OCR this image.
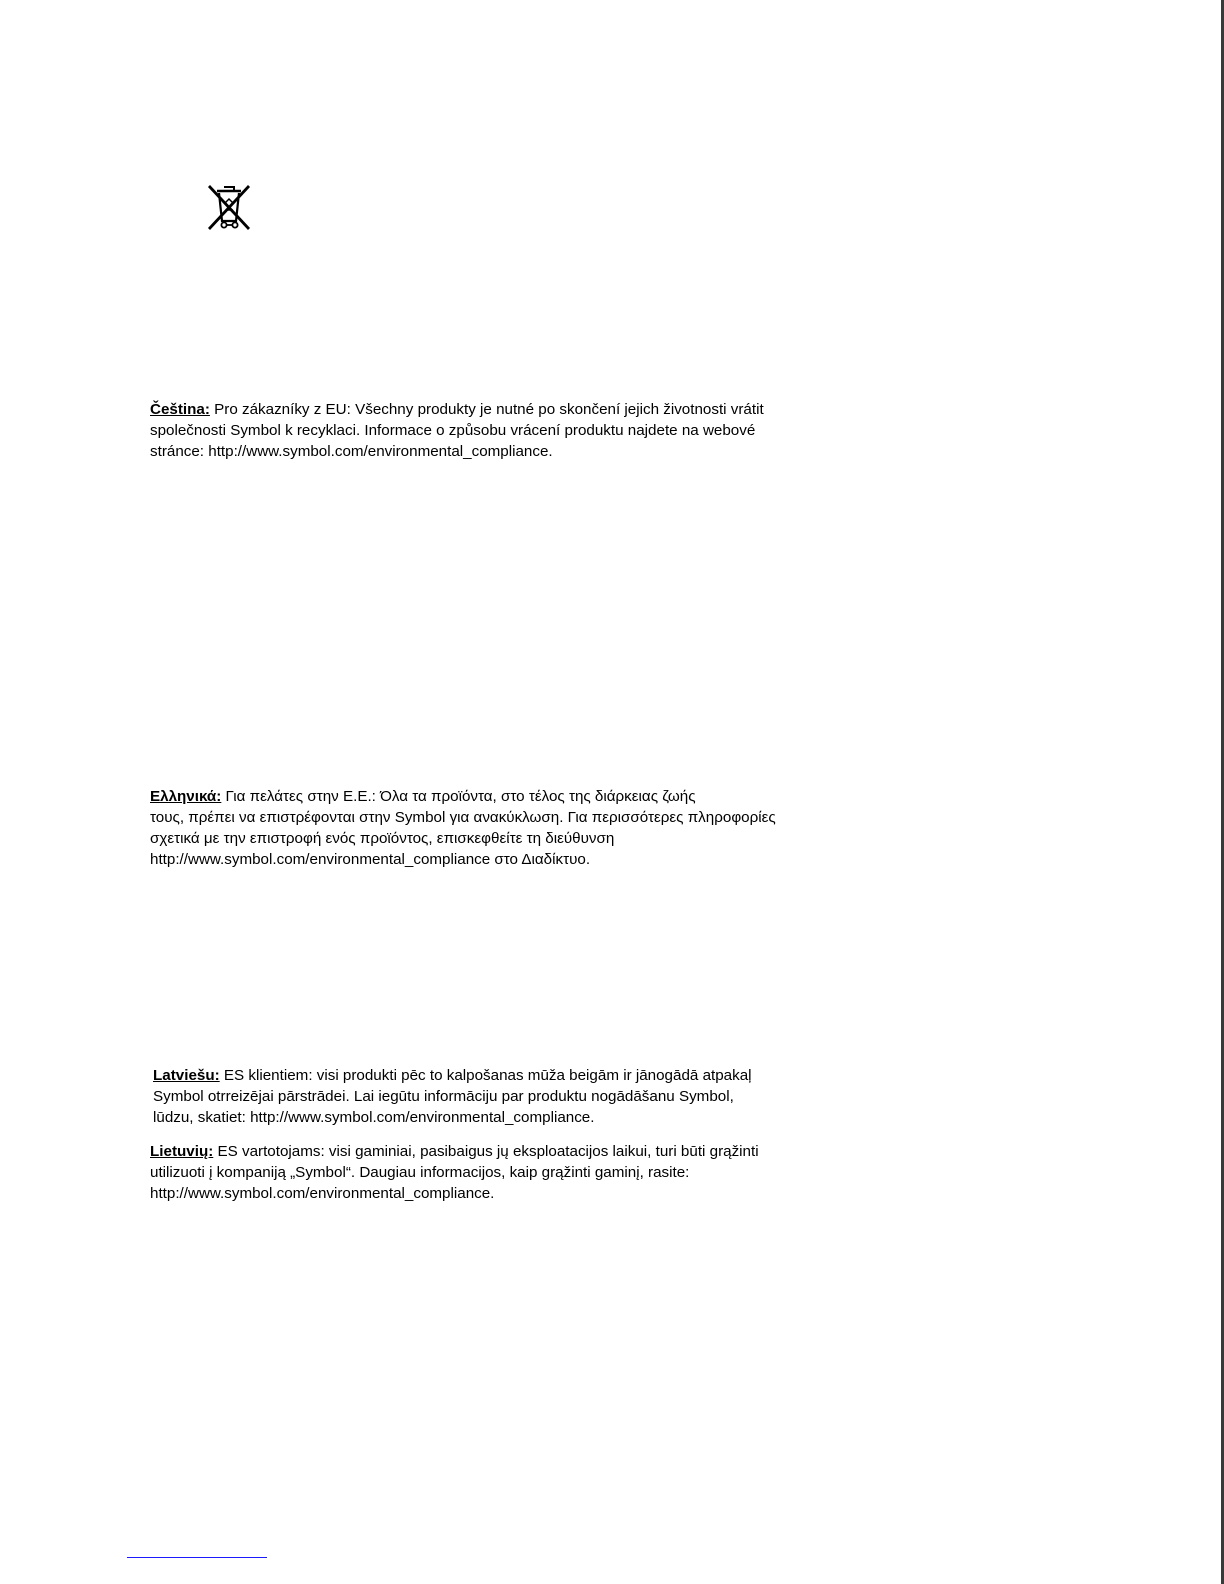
Čeština: Pro zákazníky z EU: Všechny produkty je nutné po skončení jejich životnosti vrátit
společnosti Symbol k recyklaci. Informace o způsobu vrácení produktu najdete na webové
stránce: http://www.symbol.com/environmental_compliance.

Ελληνικά: Για πελάτες στην Ε.Ε.: Όλα τα προϊόντα, στο τέλος της διάρκειας ζωής
τους, πρέπει να επιστρέφονται στην Symbol για ανακύκλωση. Για περισσότερες πληροφορίες
σχετικά με την επιστροφή ενός προϊόντος, επισκεφθείτε τη διεύθυνση
http://www.symbol.com/environmental_compliance στο Διαδίκτυο.

Latviešu: ES klientiem: visi produkti pēc to kalpošanas mūža beigām ir jānogādā atpakaļ
Symbol otrreizējai pārstrādei. Lai iegūtu informāciju par produktu nogādāšanu Symbol,
lūdzu, skatiet: http://www.symbol.com/environmental_compliance.

Lietuvių: ES vartotojams: visi gaminiai, pasibaigus jų eksploatacijos laikui, turi būti grąžinti
utilizuoti į kompaniją „Symbol“. Daugiau informacijos, kaip grąžinti gaminį, rasite:
http://www.symbol.com/environmental_compliance.
